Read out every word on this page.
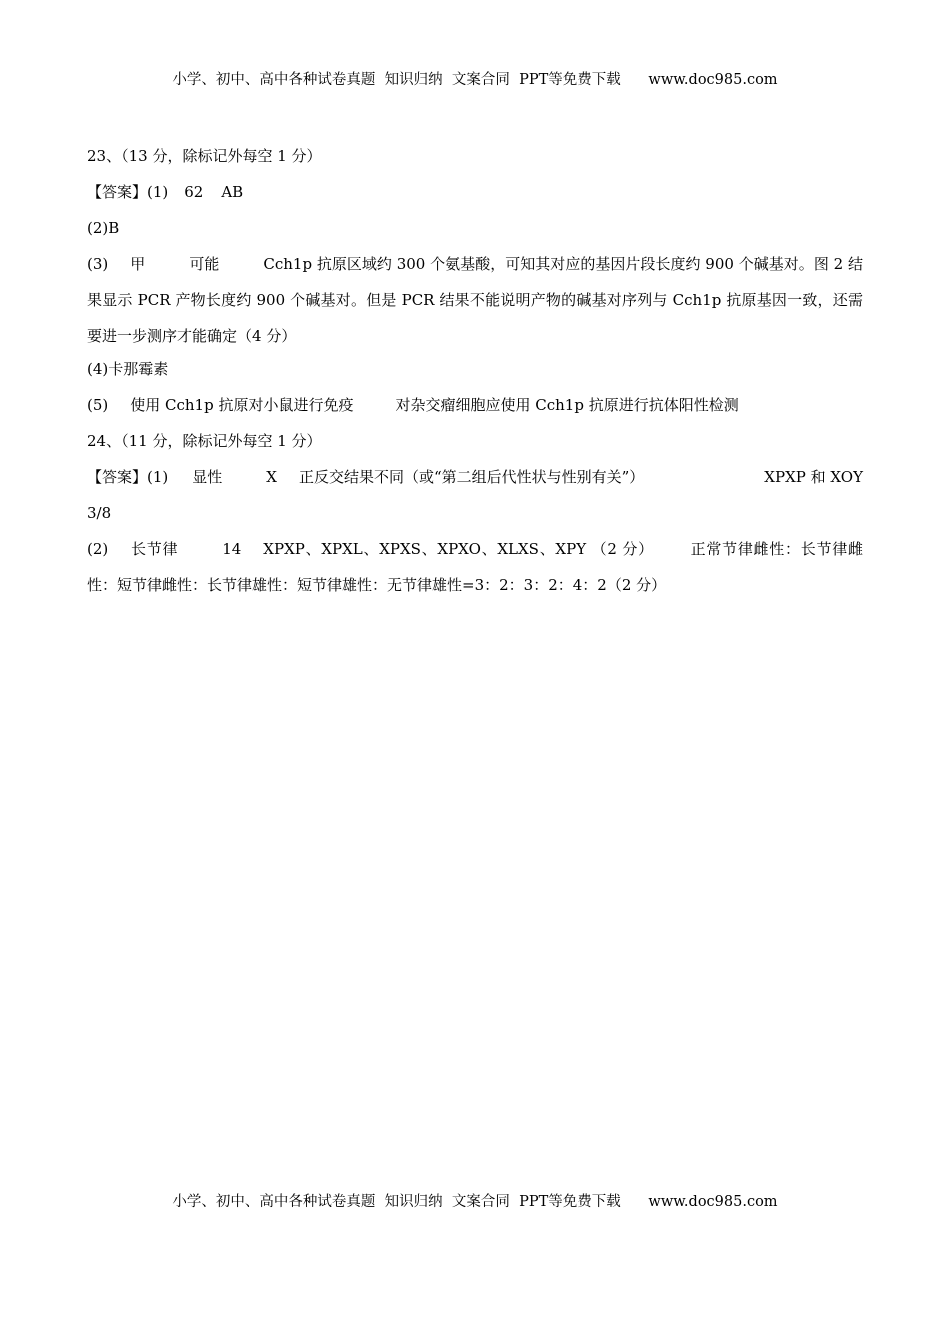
小学、初中、高中各种试卷真题  知识归纳  文案合同  PPT等免费下载      www.doc985.com
23、（13 分，除标记外每空 1 分）
【答案】(1) 62 AB
(2)B
(3) 甲	可能	Cch1p 抗原区域约 300 个氨基酸，可知其对应的基因片段长度约 900 个碱基对。图 2 结果显示 PCR 产物长度约 900 个碱基对。但是 PCR 结果不能说明产物的碱基对序列与 Cch1p 抗原基因一致，还需要进一步测序才能确定（4 分）
(4)卡那霉素
(5) 使用 Cch1p 抗原对小鼠进行免疫	对杂交瘤细胞应使用 Cch1p 抗原进行抗体阳性检测
24、（11 分，除标记外每空 1 分）
【答案】(1) 显性	X 正反交结果不同（或“第二组后代性状与性别有关”）	XPXP 和 XOY
3/8
(2) 长节律	14 XPXP、XPXL、XPXS、XPXO、XLXS、XPY （2 分） 正常节律雌性：长节律雌性：短节律雌性：长节律雄性：短节律雄性：无节律雄性=3：2：3：2：4：2（2 分）
小学、初中、高中各种试卷真题  知识归纳  文案合同  PPT等免费下载      www.doc985.com
